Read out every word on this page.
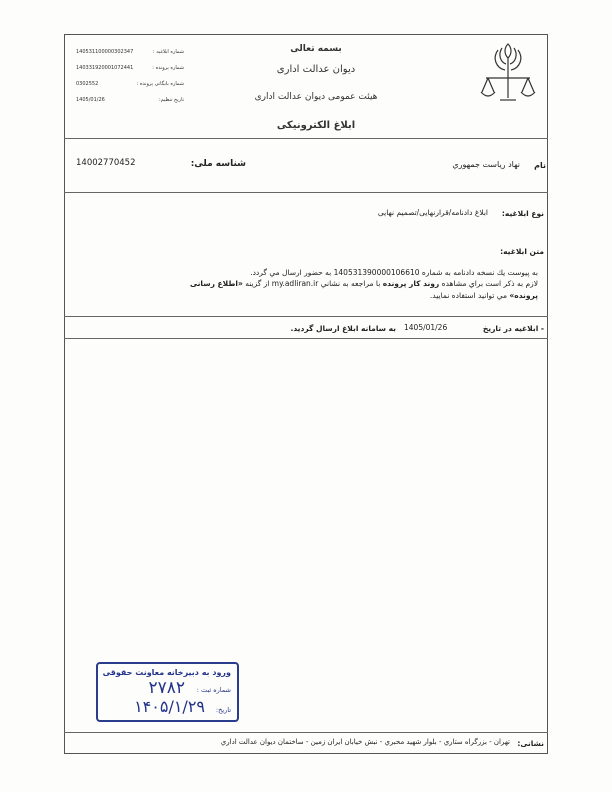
140531100000302347	شماره ابلاغیه :
140331920001072441	شماره پرونده :
0302552	شماره بایگانی پرونده :
1405/01/26	تاریخ تنظیم:
بسمه تعالی
دیوان عدالت اداری
هیئت عمومی دیوان عدالت اداری
ابلاغ الکترونیکی
نام
نهاد ریاست جمهوري
شناسه ملی:
14002770452
نوع ابلاغیه:
ابلاغ دادنامه/قرارنهایی/تصمیم نهایی
متن ابلاغیه:
به پیوست یك نسخه دادنامه به شماره 140531390000106610 به حضور ارسال مي گردد.
لازم به ذكر است براي مشاهده روند كار پرونده با مراجعه به نشاني my.adliran.ir از گزينه «اطلاع رسانی
پرونده» مي توانيد استفاده نماييد.
- ابلاغیه در تاریخ
1405/01/26
به سامانه ابلاغ ارسال گردید.
ورود به دبیرخانه معاونت حقوقی
شماره ثبت :
۲۷۸۲
تاریخ:
۱۴۰۵/۱/۲۹
نشانی:
تهران - بزرگراه ستاري - بلوار شهيد محبري - نبش خيابان ايران زمين - ساختمان ديوان عدالت اداري
